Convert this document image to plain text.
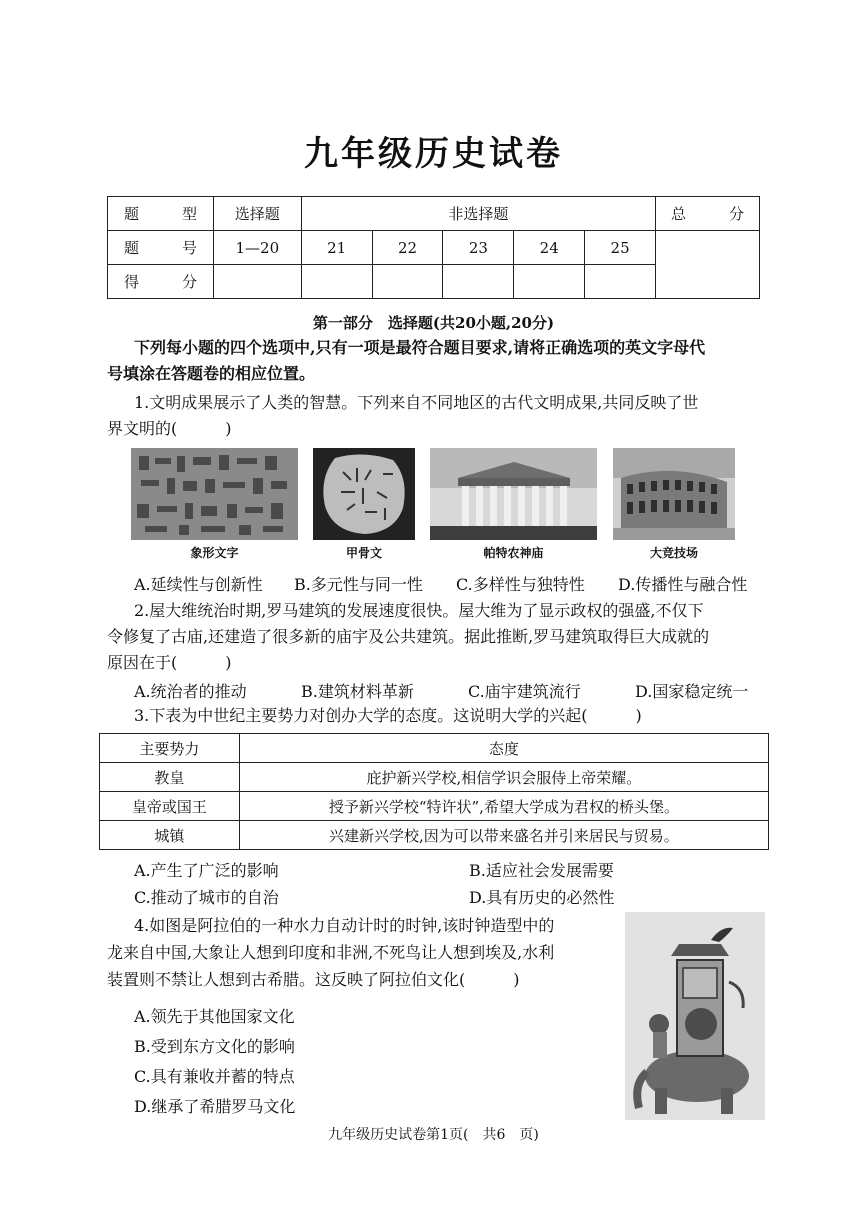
九年级历史试卷
题　型	选择题	非选择题					总　分
题　号	1—20	21	22	23	24	25	
得　分							
第一部分　选择题(共20小题,20分)
下列每小题的四个选项中,只有一项是最符合题目要求,请将正确选项的英文字母代
号填涂在答题卷的相应位置。
1.文明成果展示了人类的智慧。下列来自不同地区的古代文明成果,共同反映了世
界文明的(　　　)
象形文字	甲骨文	帕特农神庙	大竞技场
A.延续性与创新性 B.多元性与同一性 C.多样性与独特性 D.传播性与融合性
2.屋大维统治时期,罗马建筑的发展速度很快。屋大维为了显示政权的强盛,不仅下
令修复了古庙,还建造了很多新的庙宇及公共建筑。据此推断,罗马建筑取得巨大成就的
原因在于(　　　)
A.统治者的推动	B.建筑材料革新	C.庙宇建筑流行	D.国家稳定统一
3.下表为中世纪主要势力对创办大学的态度。这说明大学的兴起(　　　)
主要势力	态度
教皇	庇护新兴学校,相信学识会服侍上帝荣耀。
皇帝或国王	授予新兴学校“特许状”,希望大学成为君权的桥头堡。
城镇	兴建新兴学校,因为可以带来盛名并引来居民与贸易。
A.产生了广泛的影响	B.适应社会发展需要
C.推动了城市的自治	D.具有历史的必然性
4.如图是阿拉伯的一种水力自动计时的时钟,该时钟造型中的
龙来自中国,大象让人想到印度和非洲,不死鸟让人想到埃及,水利
装置则不禁让人想到古希腊。这反映了阿拉伯文化(　　　)
A.领先于其他国家文化
B.受到东方文化的影响
C.具有兼收并蓄的特点
D.继承了希腊罗马文化
九年级历史试卷第1页(　共6　页)
